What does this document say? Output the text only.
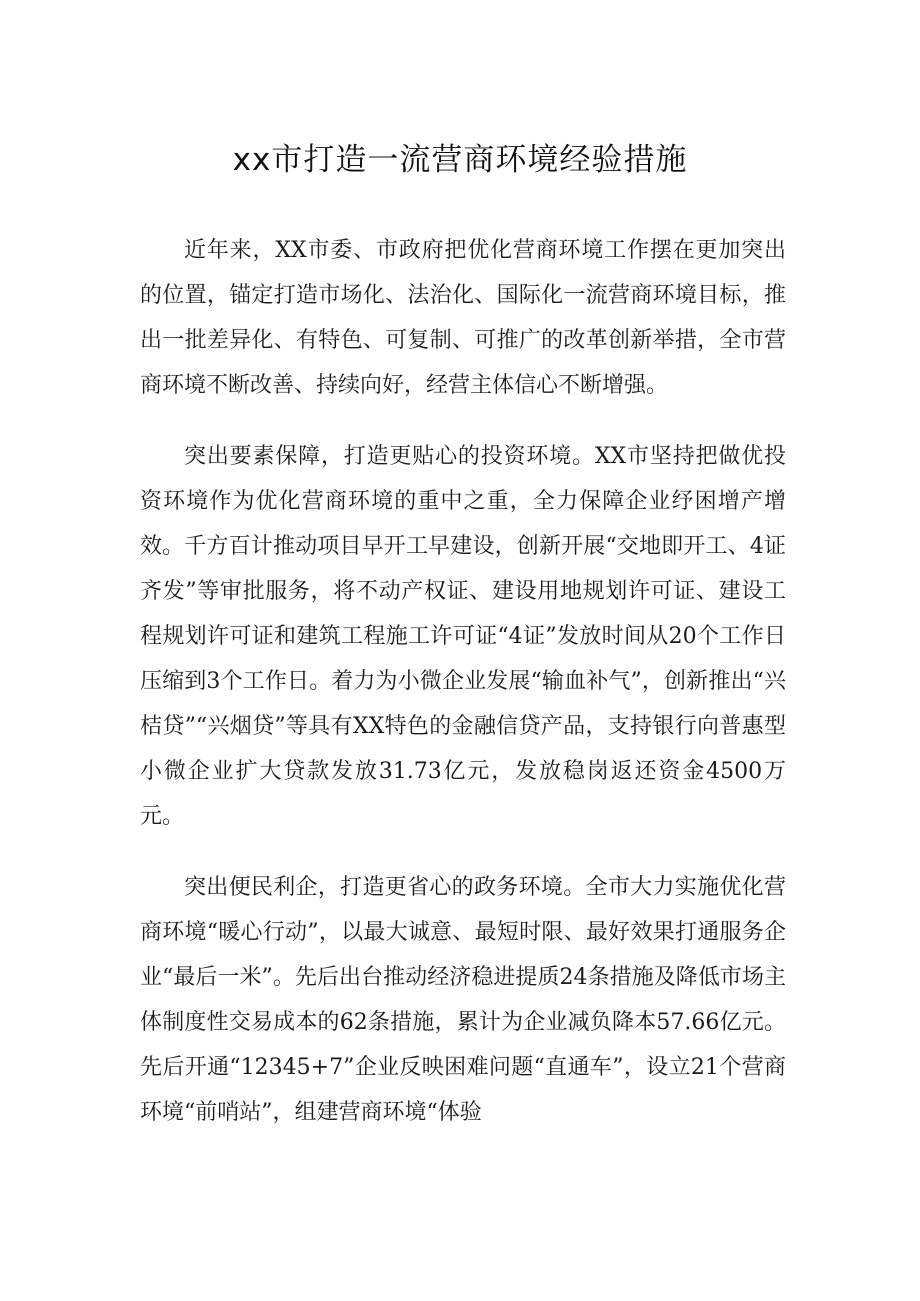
xx市打造一流营商环境经验措施

近年来，XX市委、市政府把优化营商环境工作摆在更加突出的位置，锚定打造市场化、法治化、国际化一流营商环境目标，推出一批差异化、有特色、可复制、可推广的改革创新举措，全市营商环境不断改善、持续向好，经营主体信心不断增强。

突出要素保障，打造更贴心的投资环境。XX市坚持把做优投资环境作为优化营商环境的重中之重，全力保障企业纾困增产增效。千方百计推动项目早开工早建设，创新开展“交地即开工、4证齐发”等审批服务，将不动产权证、建设用地规划许可证、建设工程规划许可证和建筑工程施工许可证“4证”发放时间从20个工作日压缩到3个工作日。着力为小微企业发展“输血补气”，创新推出“兴桔贷”“兴烟贷”等具有XX特色的金融信贷产品，支持银行向普惠型小微企业扩大贷款发放31.73亿元，发放稳岗返还资金4500万元。

突出便民利企，打造更省心的政务环境。全市大力实施优化营商环境“暖心行动”，以最大诚意、最短时限、最好效果打通服务企业“最后一米”。先后出台推动经济稳进提质24条措施及降低市场主体制度性交易成本的62条措施，累计为企业减负降本57.66亿元。先后开通“12345+7”企业反映困难问题“直通车”，设立21个营商环境“前哨站”，组建营商环境“体验
